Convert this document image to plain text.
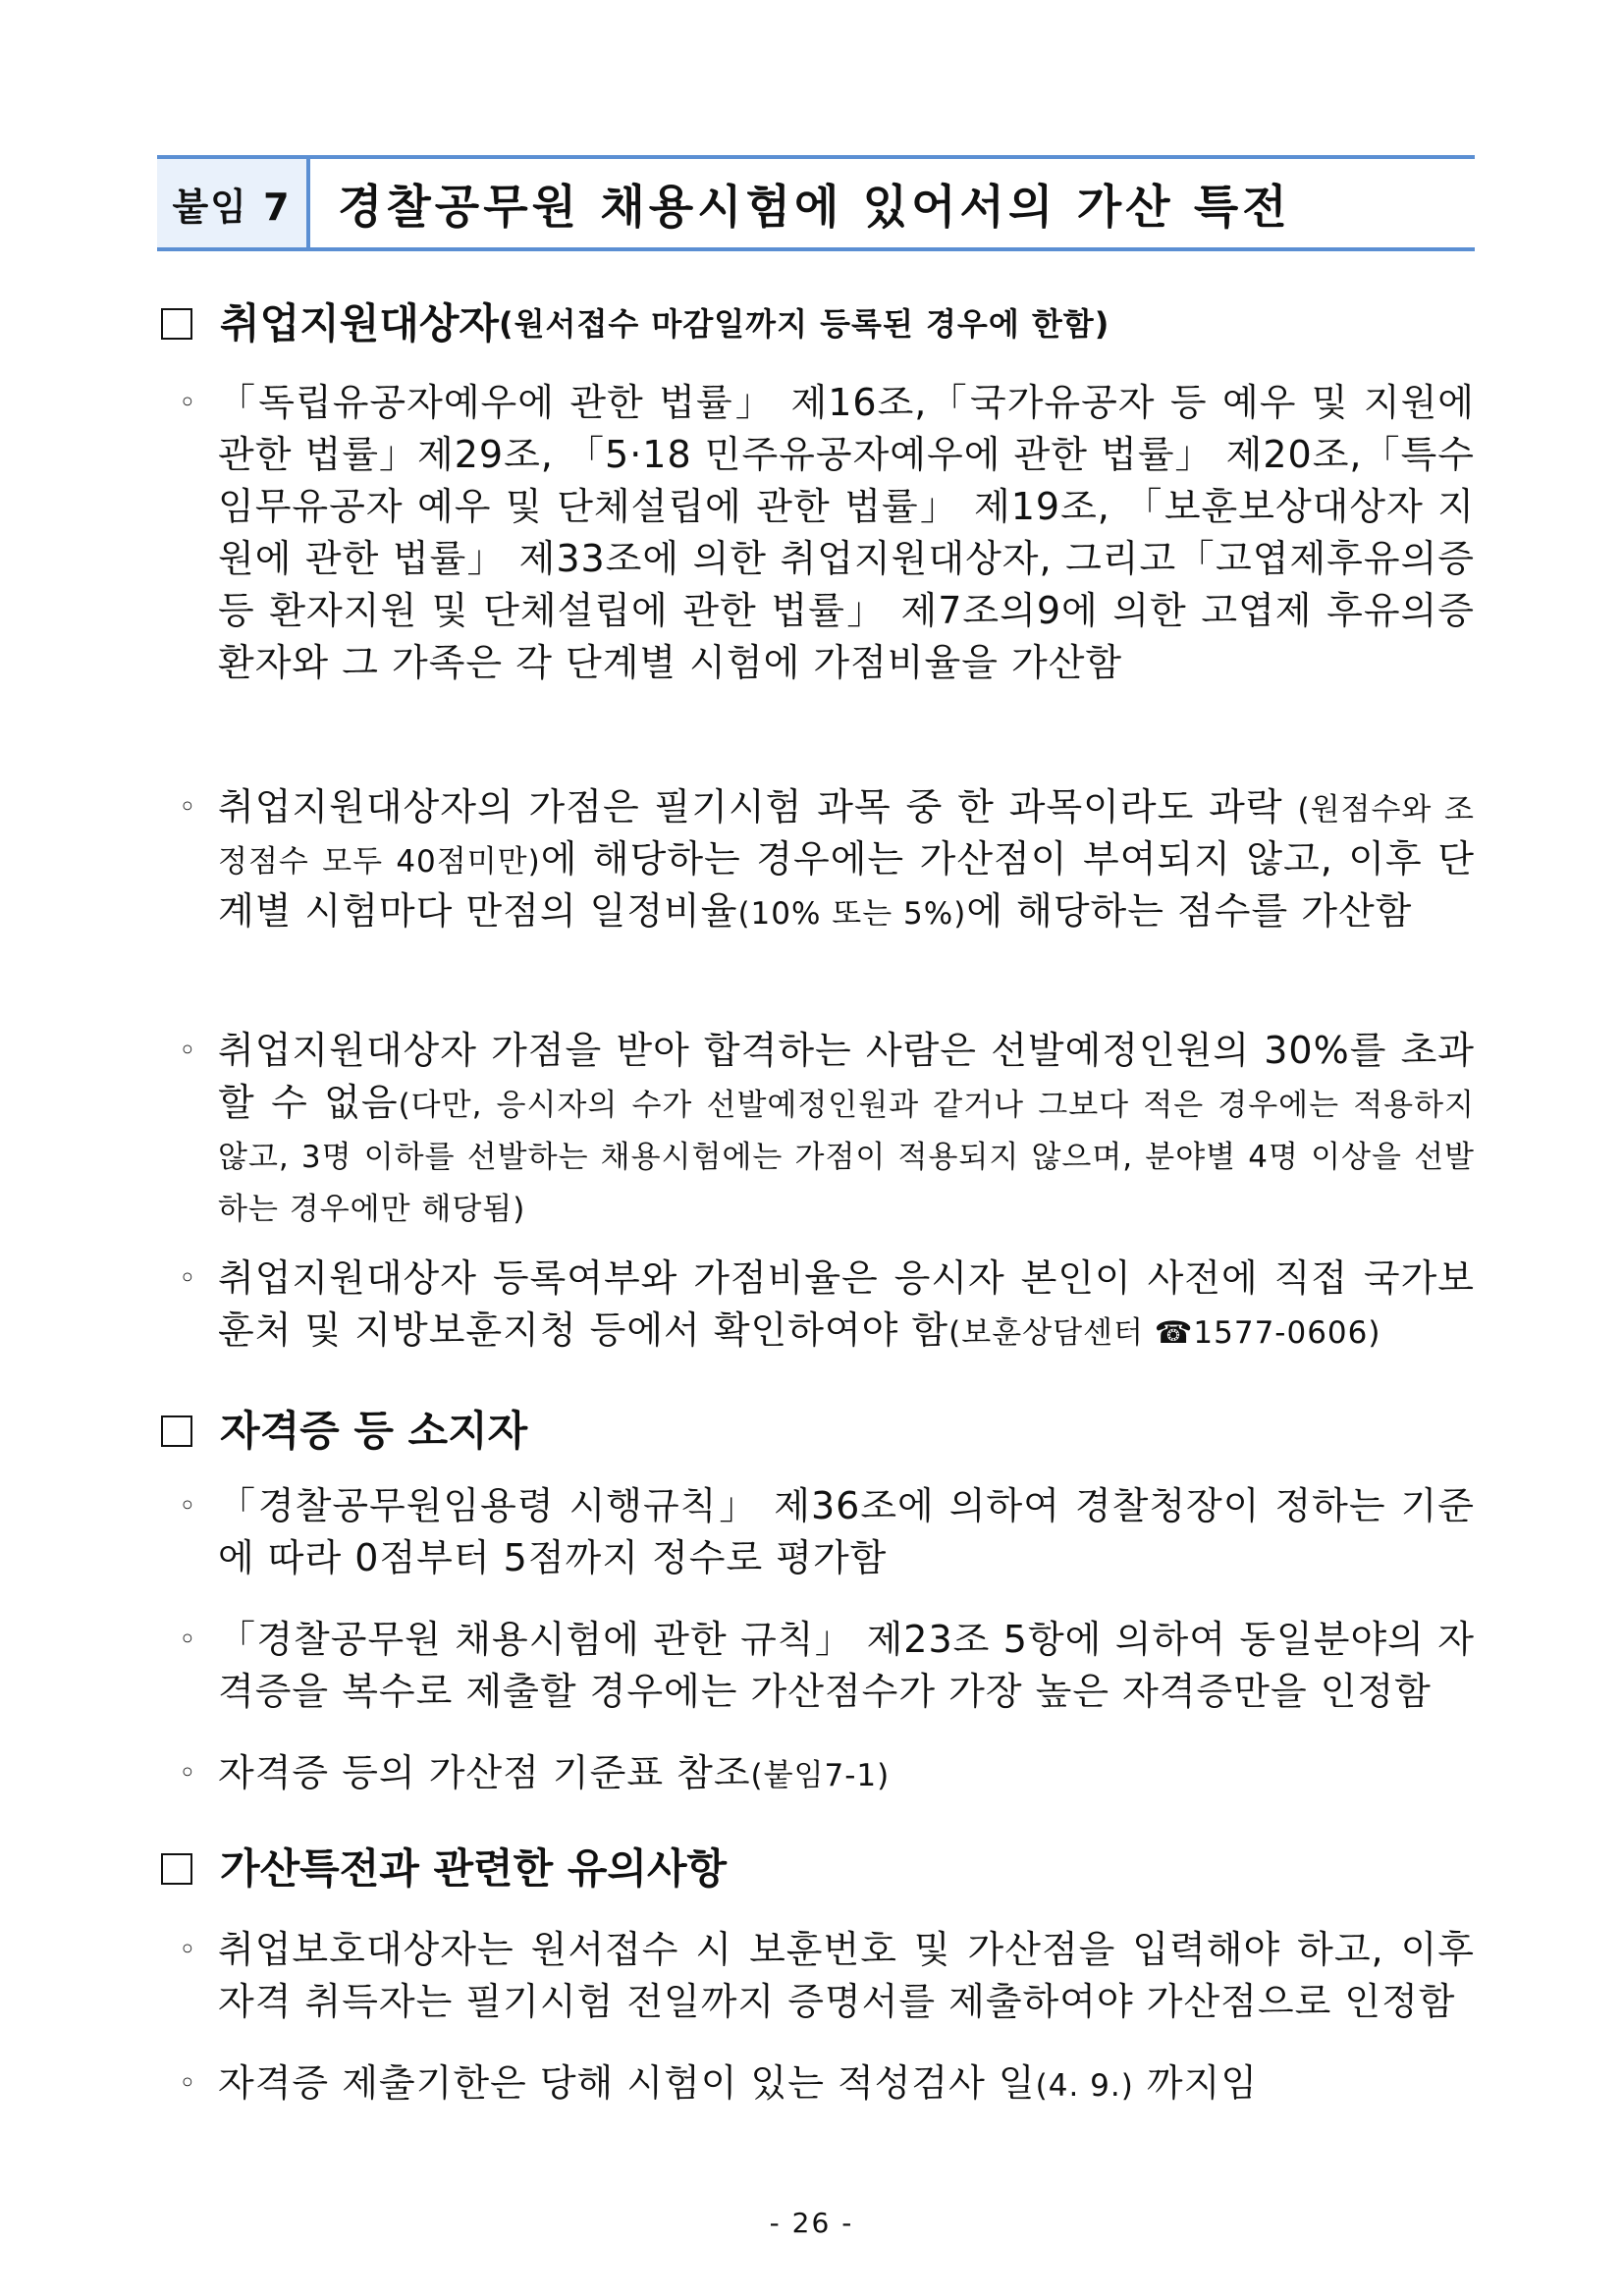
붙임 7	경찰공무원 채용시험에 있어서의 가산 특전
취업지원대상자 (원서접수 마감일까지 등록된 경우에 한함)
◦ 「독립유공자예우에 관한 법률」 제16조,「국가유공자 등 예우 및 지원에 관한 법률」제29조, 「5·18 민주유공자예우에 관한 법률」 제20조,「특수임무유공자 예우 및 단체설립에 관한 법률」 제19조, 「보훈보상대상자 지원에 관한 법률」 제33조에 의한 취업지원대상자, 그리고「고엽제후유의증 등 환자지원 및 단체설립에 관한 법률」 제7조의9에 의한 고엽제 후유의증 환자와 그 가족은 각 단계별 시험에 가점비율을 가산함
◦ 취업지원대상자의 가점은 필기시험 과목 중 한 과목이라도 과락 (원점수와 조정점수 모두 40점미만)에 해당하는 경우에는 가산점이 부여되지 않고, 이후 단계별 시험마다 만점의 일정비율(10% 또는 5%)에 해당하는 점수를 가산함
◦ 취업지원대상자 가점을 받아 합격하는 사람은 선발예정인원의 30%를 초과할 수 없음(다만, 응시자의 수가 선발예정인원과 같거나 그보다 적은 경우에는 적용하지 않고, 3명 이하를 선발하는 채용시험에는 가점이 적용되지 않으며, 분야별 4명 이상을 선발하는 경우에만 해당됨)
◦ 취업지원대상자 등록여부와 가점비율은 응시자 본인이 사전에 직접 국가보훈처 및 지방보훈지청 등에서 확인하여야 함(보훈상담센터 ☎1577-0606)
자격증 등 소지자
◦ 「경찰공무원임용령 시행규칙」 제36조에 의하여 경찰청장이 정하는 기준에 따라 0점부터 5점까지 정수로 평가함
◦ 「경찰공무원 채용시험에 관한 규칙」 제23조 5항에 의하여 동일분야의 자격증을 복수로 제출할 경우에는 가산점수가 가장 높은 자격증만을 인정함
◦ 자격증 등의 가산점 기준표 참조(붙임7-1)
가산특전과 관련한 유의사항
◦ 취업보호대상자는 원서접수 시 보훈번호 및 가산점을 입력해야 하고, 이후 자격 취득자는 필기시험 전일까지 증명서를 제출하여야 가산점으로 인정함
◦ 자격증 제출기한은 당해 시험이 있는 적성검사 일(4. 9.) 까지임
- 26 -
